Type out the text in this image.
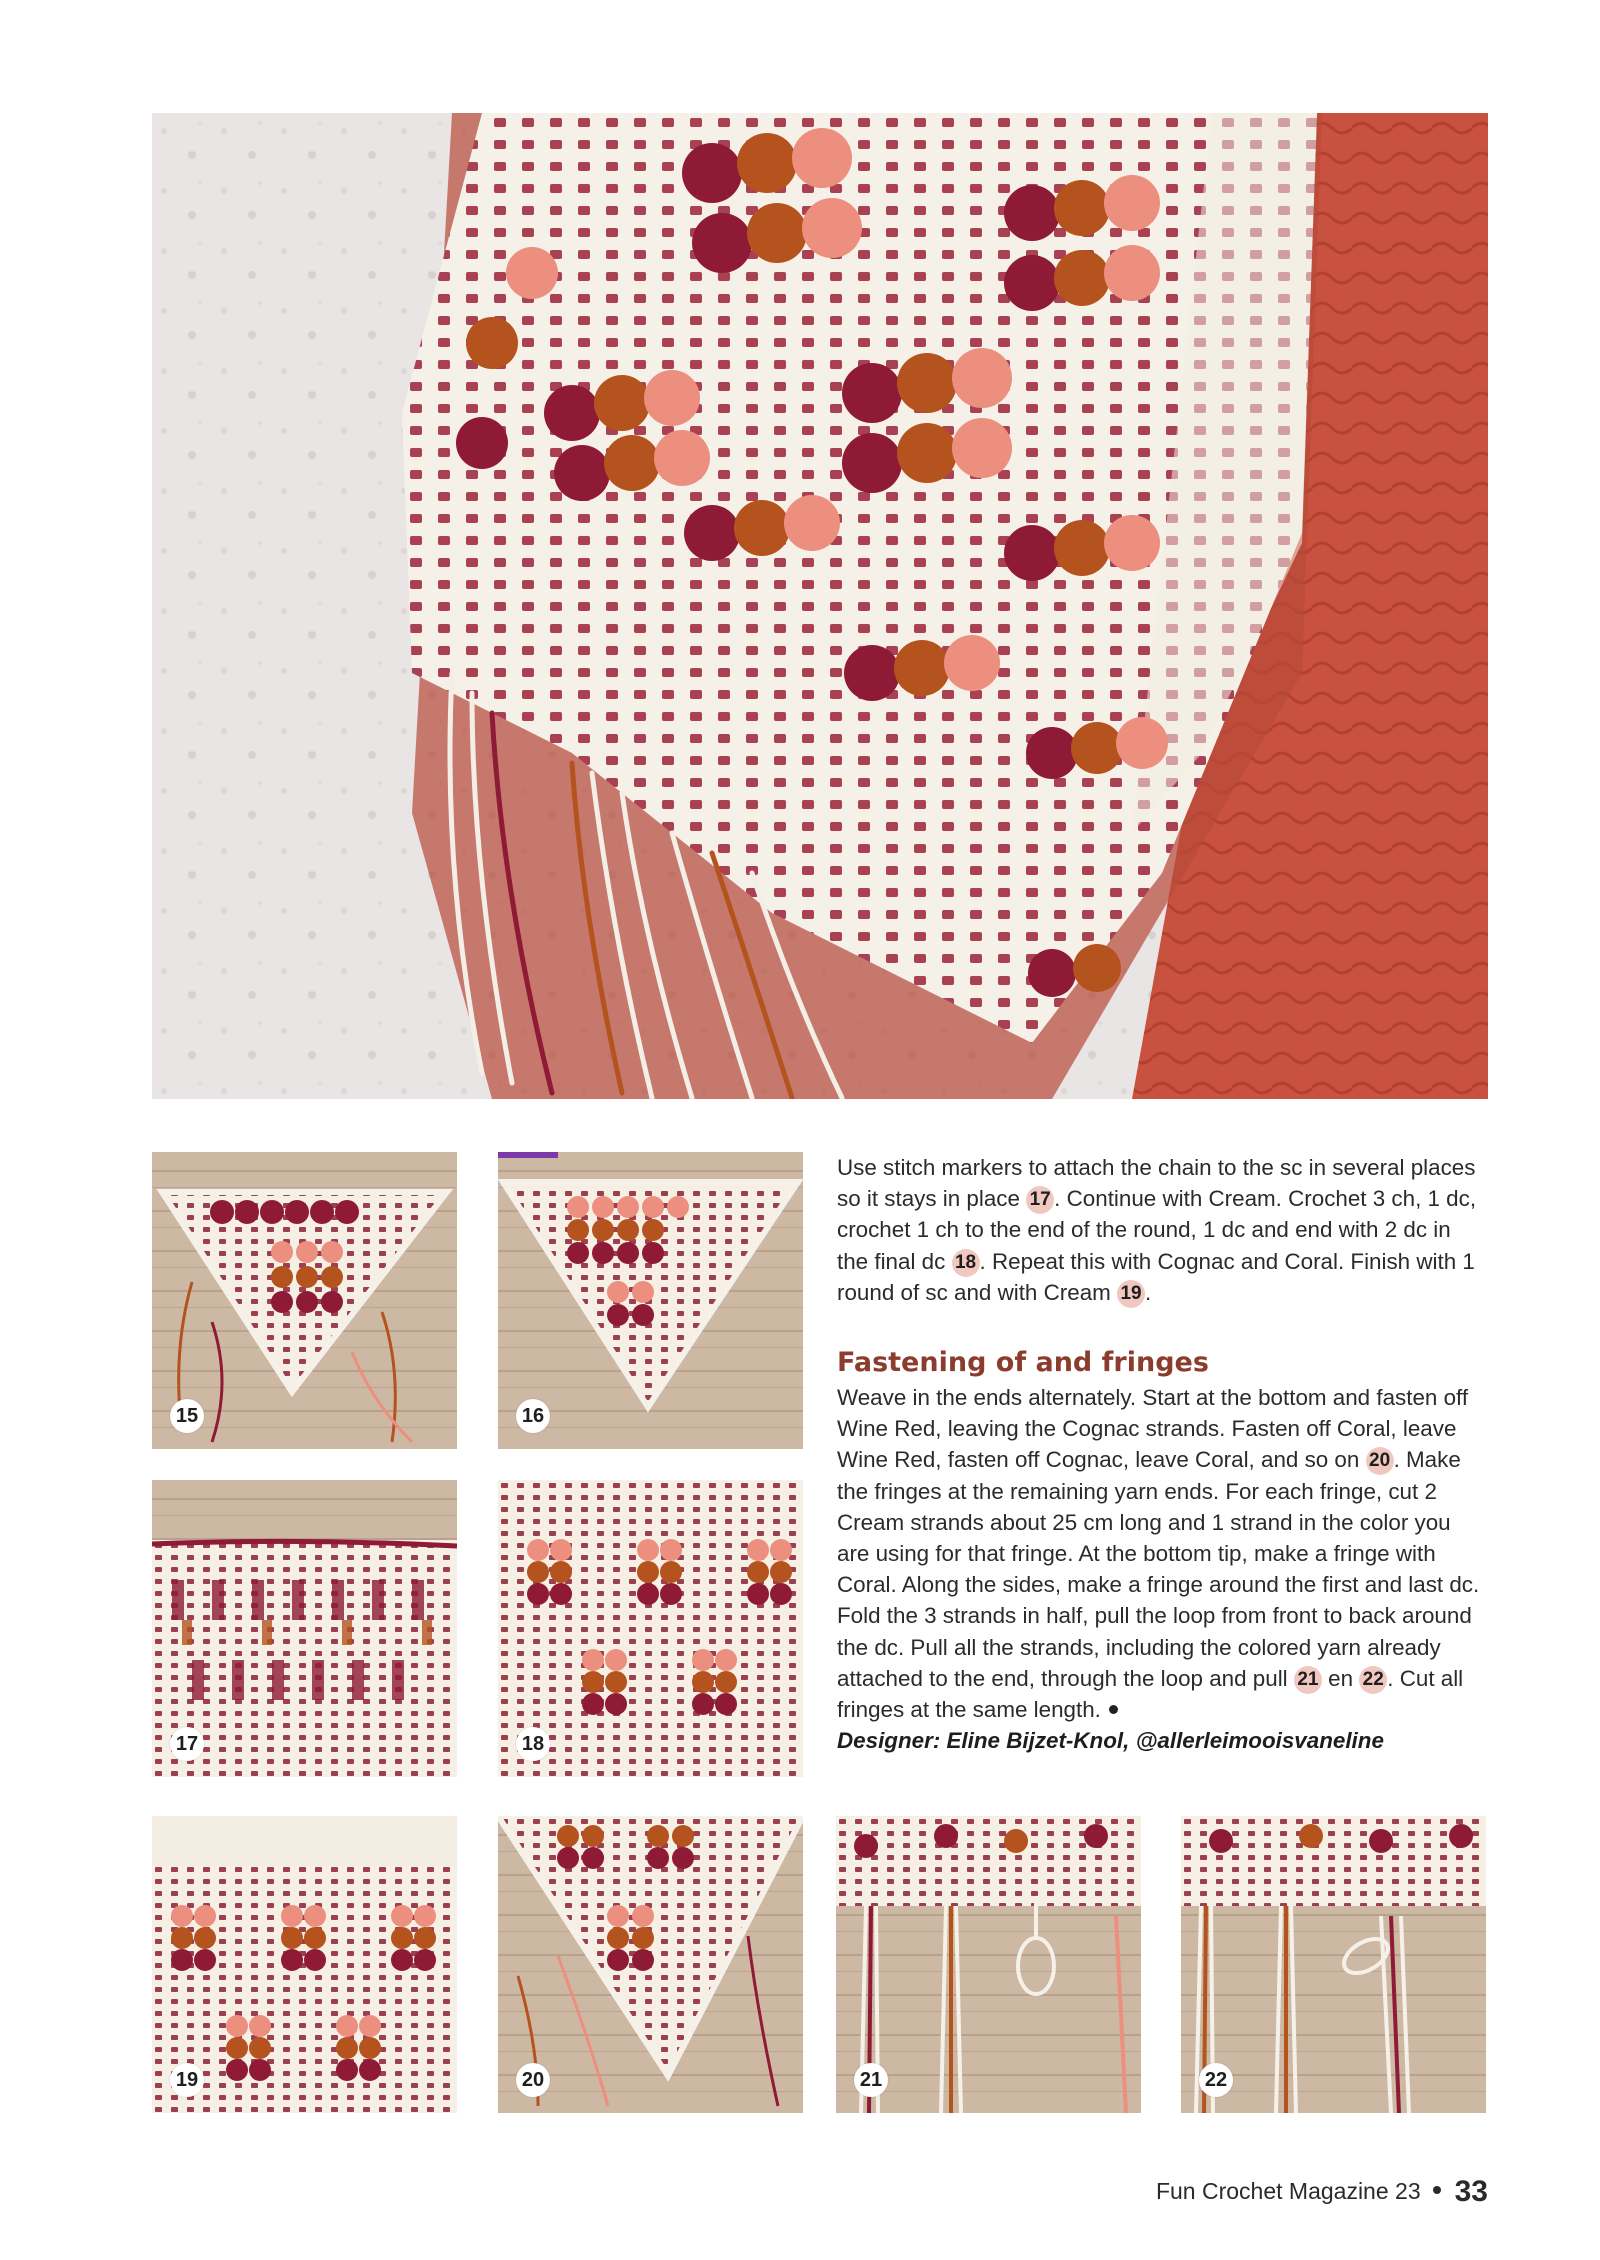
15	16
17	18
19	20	21	22

Use stitch markers to attach the chain to the sc in several places so it stays in place 17 . Continue with Cream. Crochet 3 ch, 1 dc, crochet 1 ch to the end of the round, 1 dc and end with 2 dc in the final dc 18 . Repeat this with Cognac and Coral. Finish with 1 round of sc and with Cream 19 .

Fastening of and fringes

Weave in the ends alternately. Start at the bottom and fasten off Wine Red, leaving the Cognac strands. Fasten off Coral, leave Wine Red, fasten off Cognac, leave Coral, and so on 20 . Make the fringes at the remaining yarn ends. For each fringe, cut 2 Cream strands about 25 cm long and 1 strand in the color you are using for that fringe. At the bottom tip, make a fringe with Coral. Along the sides, make a fringe around the first and last dc. Fold the 3 strands in half, pull the loop from front to back around the dc. Pull all the strands, including the colored yarn already attached to the end, through the loop and pull 21 en 22 . Cut all fringes at the same length.

Designer: Eline Bijzet-Knol, @allerleimooisvaneline

Fun Crochet Magazine 23 33
